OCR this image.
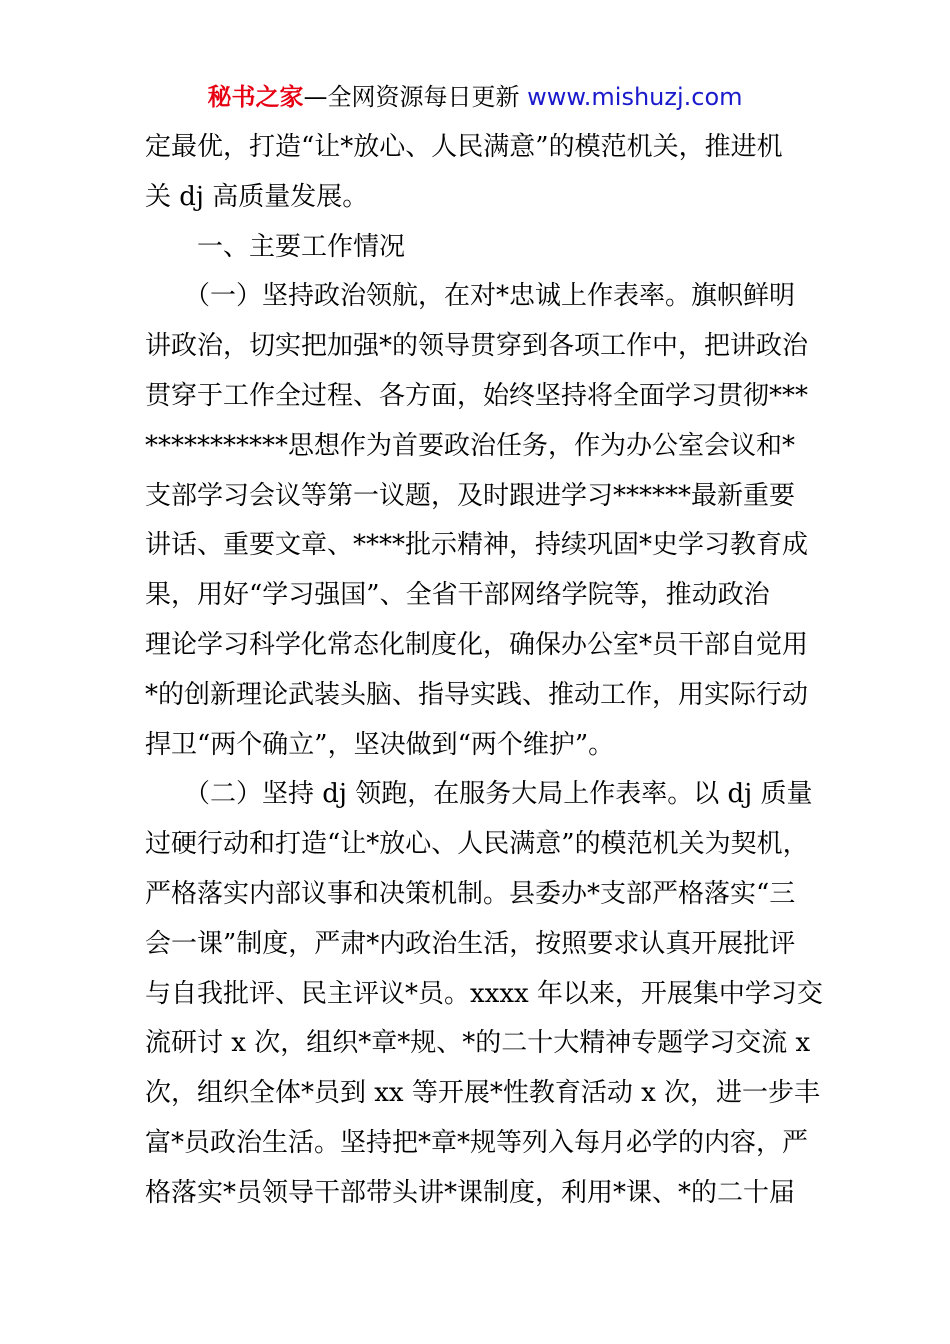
秘书之家—全网资源每日更新 www.mishuzj.com
定最优，打造“让*放心、人民满意”的模范机关，推进机
关 dj 高质量发展。
　　一、主要工作情况
　　（一）坚持政治领航，在对*忠诚上作表率。旗帜鲜明
讲政治，切实把加强*的领导贯穿到各项工作中，把讲政治
贯穿于工作全过程、各方面，始终坚持将全面学习贯彻***
***********思想作为首要政治任务，作为办公室会议和*
支部学习会议等第一议题，及时跟进学习******最新重要
讲话、重要文章、****批示精神，持续巩固*史学习教育成
果，用好“学习强国”、全省干部网络学院等，推动政治
理论学习科学化常态化制度化，确保办公室*员干部自觉用
*的创新理论武装头脑、指导实践、推动工作，用实际行动
捍卫“两个确立”，坚决做到“两个维护”。
　　（二）坚持 dj 领跑，在服务大局上作表率。以 dj 质量
过硬行动和打造“让*放心、人民满意”的模范机关为契机，
严格落实内部议事和决策机制。县委办*支部严格落实“三
会一课”制度，严肃*内政治生活，按照要求认真开展批评
与自我批评、民主评议*员。xxxx 年以来，开展集中学习交
流研讨 x 次，组织*章*规、*的二十大精神专题学习交流 x
次，组织全体*员到 xx 等开展*性教育活动 x 次，进一步丰
富*员政治生活。坚持把*章*规等列入每月必学的内容，严
格落实*员领导干部带头讲*课制度，利用*课、*的二十届
